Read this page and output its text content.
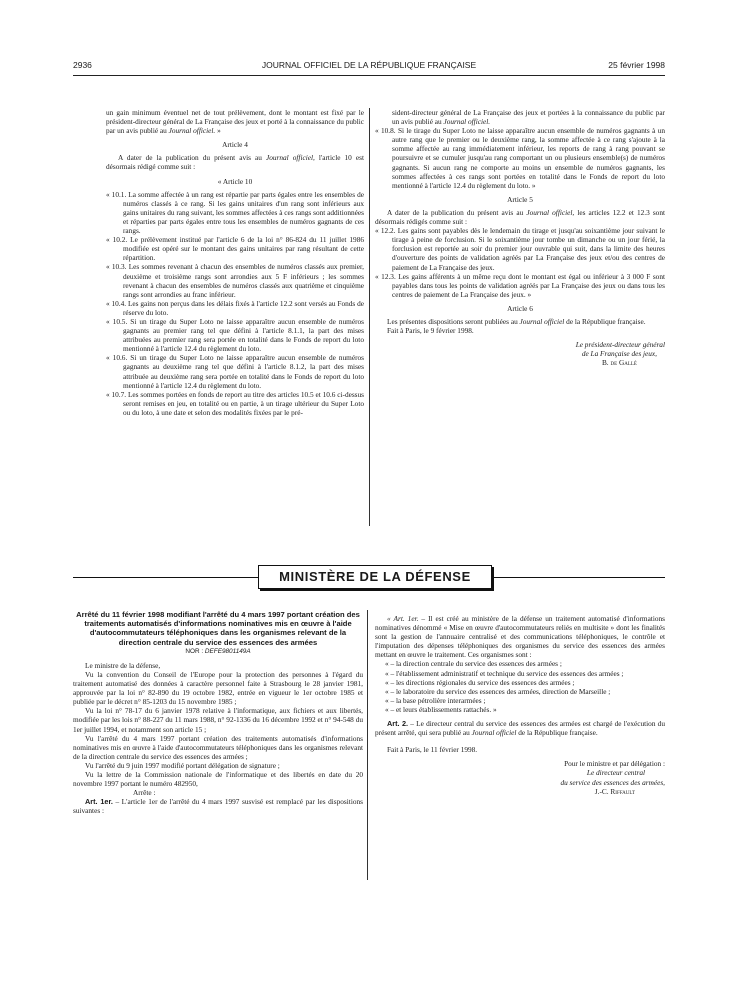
2936	JOURNAL OFFICIEL DE LA RÉPUBLIQUE FRANÇAISE	25 février 1998

un gain minimum éventuel net de tout prélèvement, dont le montant est fixé par le président-directeur général de La Française des jeux et porté à la connaissance du public par un avis publié au Journal officiel. »

Article 4

A dater de la publication du présent avis au Journal officiel, l'article 10 est désormais rédigé comme suit :

« Article 10

« 10.1. La somme affectée à un rang est répartie par parts égales entre les ensembles de numéros classés à ce rang. Si les gains unitaires d'un rang sont inférieurs aux gains unitaires du rang suivant, les sommes affectées à ces rangs sont additionnées et réparties par parts égales entre tous les ensembles de numéros gagnants de ces rangs.

« 10.2. Le prélèvement institué par l'article 6 de la loi n° 86-824 du 11 juillet 1986 modifiée est opéré sur le montant des gains unitaires par rang résultant de cette répartition.

« 10.3. Les sommes revenant à chacun des ensembles de numéros classés aux premier, deuxième et troisième rangs sont arrondies aux 5 F inférieurs ; les sommes revenant à chacun des ensembles de numéros classés aux quatrième et cinquième rangs sont arrondies au franc inférieur.

« 10.4. Les gains non perçus dans les délais fixés à l'article 12.2 sont versés au Fonds de réserve du loto.

« 10.5. Si un tirage du Super Loto ne laisse apparaître aucun ensemble de numéros gagnants au premier rang tel que défini à l'article 8.1.1, la part des mises attribuées au premier rang sera portée en totalité dans le Fonds de report du loto mentionné à l'article 12.4 du règlement du loto.

« 10.6. Si un tirage du Super Loto ne laisse apparaître aucun ensemble de numéros gagnants au deuxième rang tel que défini à l'article 8.1.2, la part des mises attribuée au deuxième rang sera portée en totalité dans le Fonds de report du loto mentionné à l'article 12.4 du règlement du loto.

« 10.7. Les sommes portées en fonds de report au titre des articles 10.5 et 10.6 ci-dessus seront remises en jeu, en totalité ou en partie, à un tirage ultérieur du Super Loto ou du loto, à une date et selon des modalités fixées par le pré-

sident-directeur général de La Française des jeux et portées à la connaissance du public par un avis publié au Journal officiel.

« 10.8. Si le tirage du Super Loto ne laisse apparaître aucun ensemble de numéros gagnants à un autre rang que le premier ou le deuxième rang, la somme affectée à ce rang s'ajoute à la somme affectée au rang immédiatement inférieur, les reports de rang à rang pouvant se poursuivre et se cumuler jusqu'au rang comportant un ou plusieurs ensemble(s) de numéros gagnants. Si aucun rang ne comporte au moins un ensemble de numéros gagnants, les sommes affectées à ces rangs sont portées en totalité dans le Fonds de report du loto mentionné à l'article 12.4 du règlement du loto. »

Article 5

A dater de la publication du présent avis au Journal officiel, les articles 12.2 et 12.3 sont désormais rédigés comme suit :

« 12.2. Les gains sont payables dès le lendemain du tirage et jusqu'au soixantième jour suivant le tirage à peine de forclusion. Si le soixantième jour tombe un dimanche ou un jour férié, la forclusion est reportée au soir du premier jour ouvrable qui suit, dans la limite des heures d'ouverture des points de validation agréés par La Française des jeux et/ou des centres de paiement de La Française des jeux.

« 12.3. Les gains afférents à un même reçu dont le montant est égal ou inférieur à 3 000 F sont payables dans tous les points de validation agréés par La Française des jeux ou dans tous les centres de paiement de La Française des jeux. »

Article 6

Les présentes dispositions seront publiées au Journal officiel de la République française.

Fait à Paris, le 9 février 1998.

Le président-directeur général

de La Française des jeux,

B. de Gallé

MINISTÈRE DE LA DÉFENSE

Arrêté du 11 février 1998 modifiant l'arrêté du 4 mars 1997 portant création des traitements automatisés d'informations nominatives mis en œuvre à l'aide d'autocommutateurs téléphoniques dans les organismes relevant de la direction centrale du service des essences des armées

NOR : DEFE9801149A

Le ministre de la défense,

Vu la convention du Conseil de l'Europe pour la protection des personnes à l'égard du traitement automatisé des données à caractère personnel faite à Strasbourg le 28 janvier 1981, approuvée par la loi n° 82-890 du 19 octobre 1982, entrée en vigueur le 1er octobre 1985 et publiée par le décret n° 85-1203 du 15 novembre 1985 ;

Vu la loi n° 78-17 du 6 janvier 1978 relative à l'informatique, aux fichiers et aux libertés, modifiée par les lois n° 88-227 du 11 mars 1988, n° 92-1336 du 16 décembre 1992 et n° 94-548 du 1er juillet 1994, et notamment son article 15 ;

Vu l'arrêté du 4 mars 1997 portant création des traitements automatisés d'informations nominatives mis en œuvre à l'aide d'autocommutateurs téléphoniques dans les organismes relevant de la direction centrale du service des essences des armées ;

Vu l'arrêté du 9 juin 1997 modifié portant délégation de signature ;

Vu la lettre de la Commission nationale de l'informatique et des libertés en date du 20 novembre 1997 portant le numéro 482950,

Arrête :

Art. 1er. – L'article 1er de l'arrêté du 4 mars 1997 susvisé est remplacé par les dispositions suivantes :

« Art. 1er. – Il est créé au ministère de la défense un traitement automatisé d'informations nominatives dénommé « Mise en œuvre d'autocommutateurs reliés en multisite » dont les finalités sont la gestion de l'annuaire centralisé et des communications téléphoniques, le contrôle et l'imputation des dépenses téléphoniques des organismes du service des essences des armées mettant en œuvre le traitement. Ces organismes sont :

« – la direction centrale du service des essences des armées ;

« – l'établissement administratif et technique du service des essences des armées ;

« – les directions régionales du service des essences des armées ;

« – le laboratoire du service des essences des armées, direction de Marseille ;

« – la base pétrolière interarmées ;

« – et leurs établissements rattachés. »

Art. 2. – Le directeur central du service des essences des armées est chargé de l'exécution du présent arrêté, qui sera publié au Journal officiel de la République française.

Fait à Paris, le 11 février 1998.

Pour le ministre et par délégation :

Le directeur central

du service des essences des armées,

J.-C. Riffault
